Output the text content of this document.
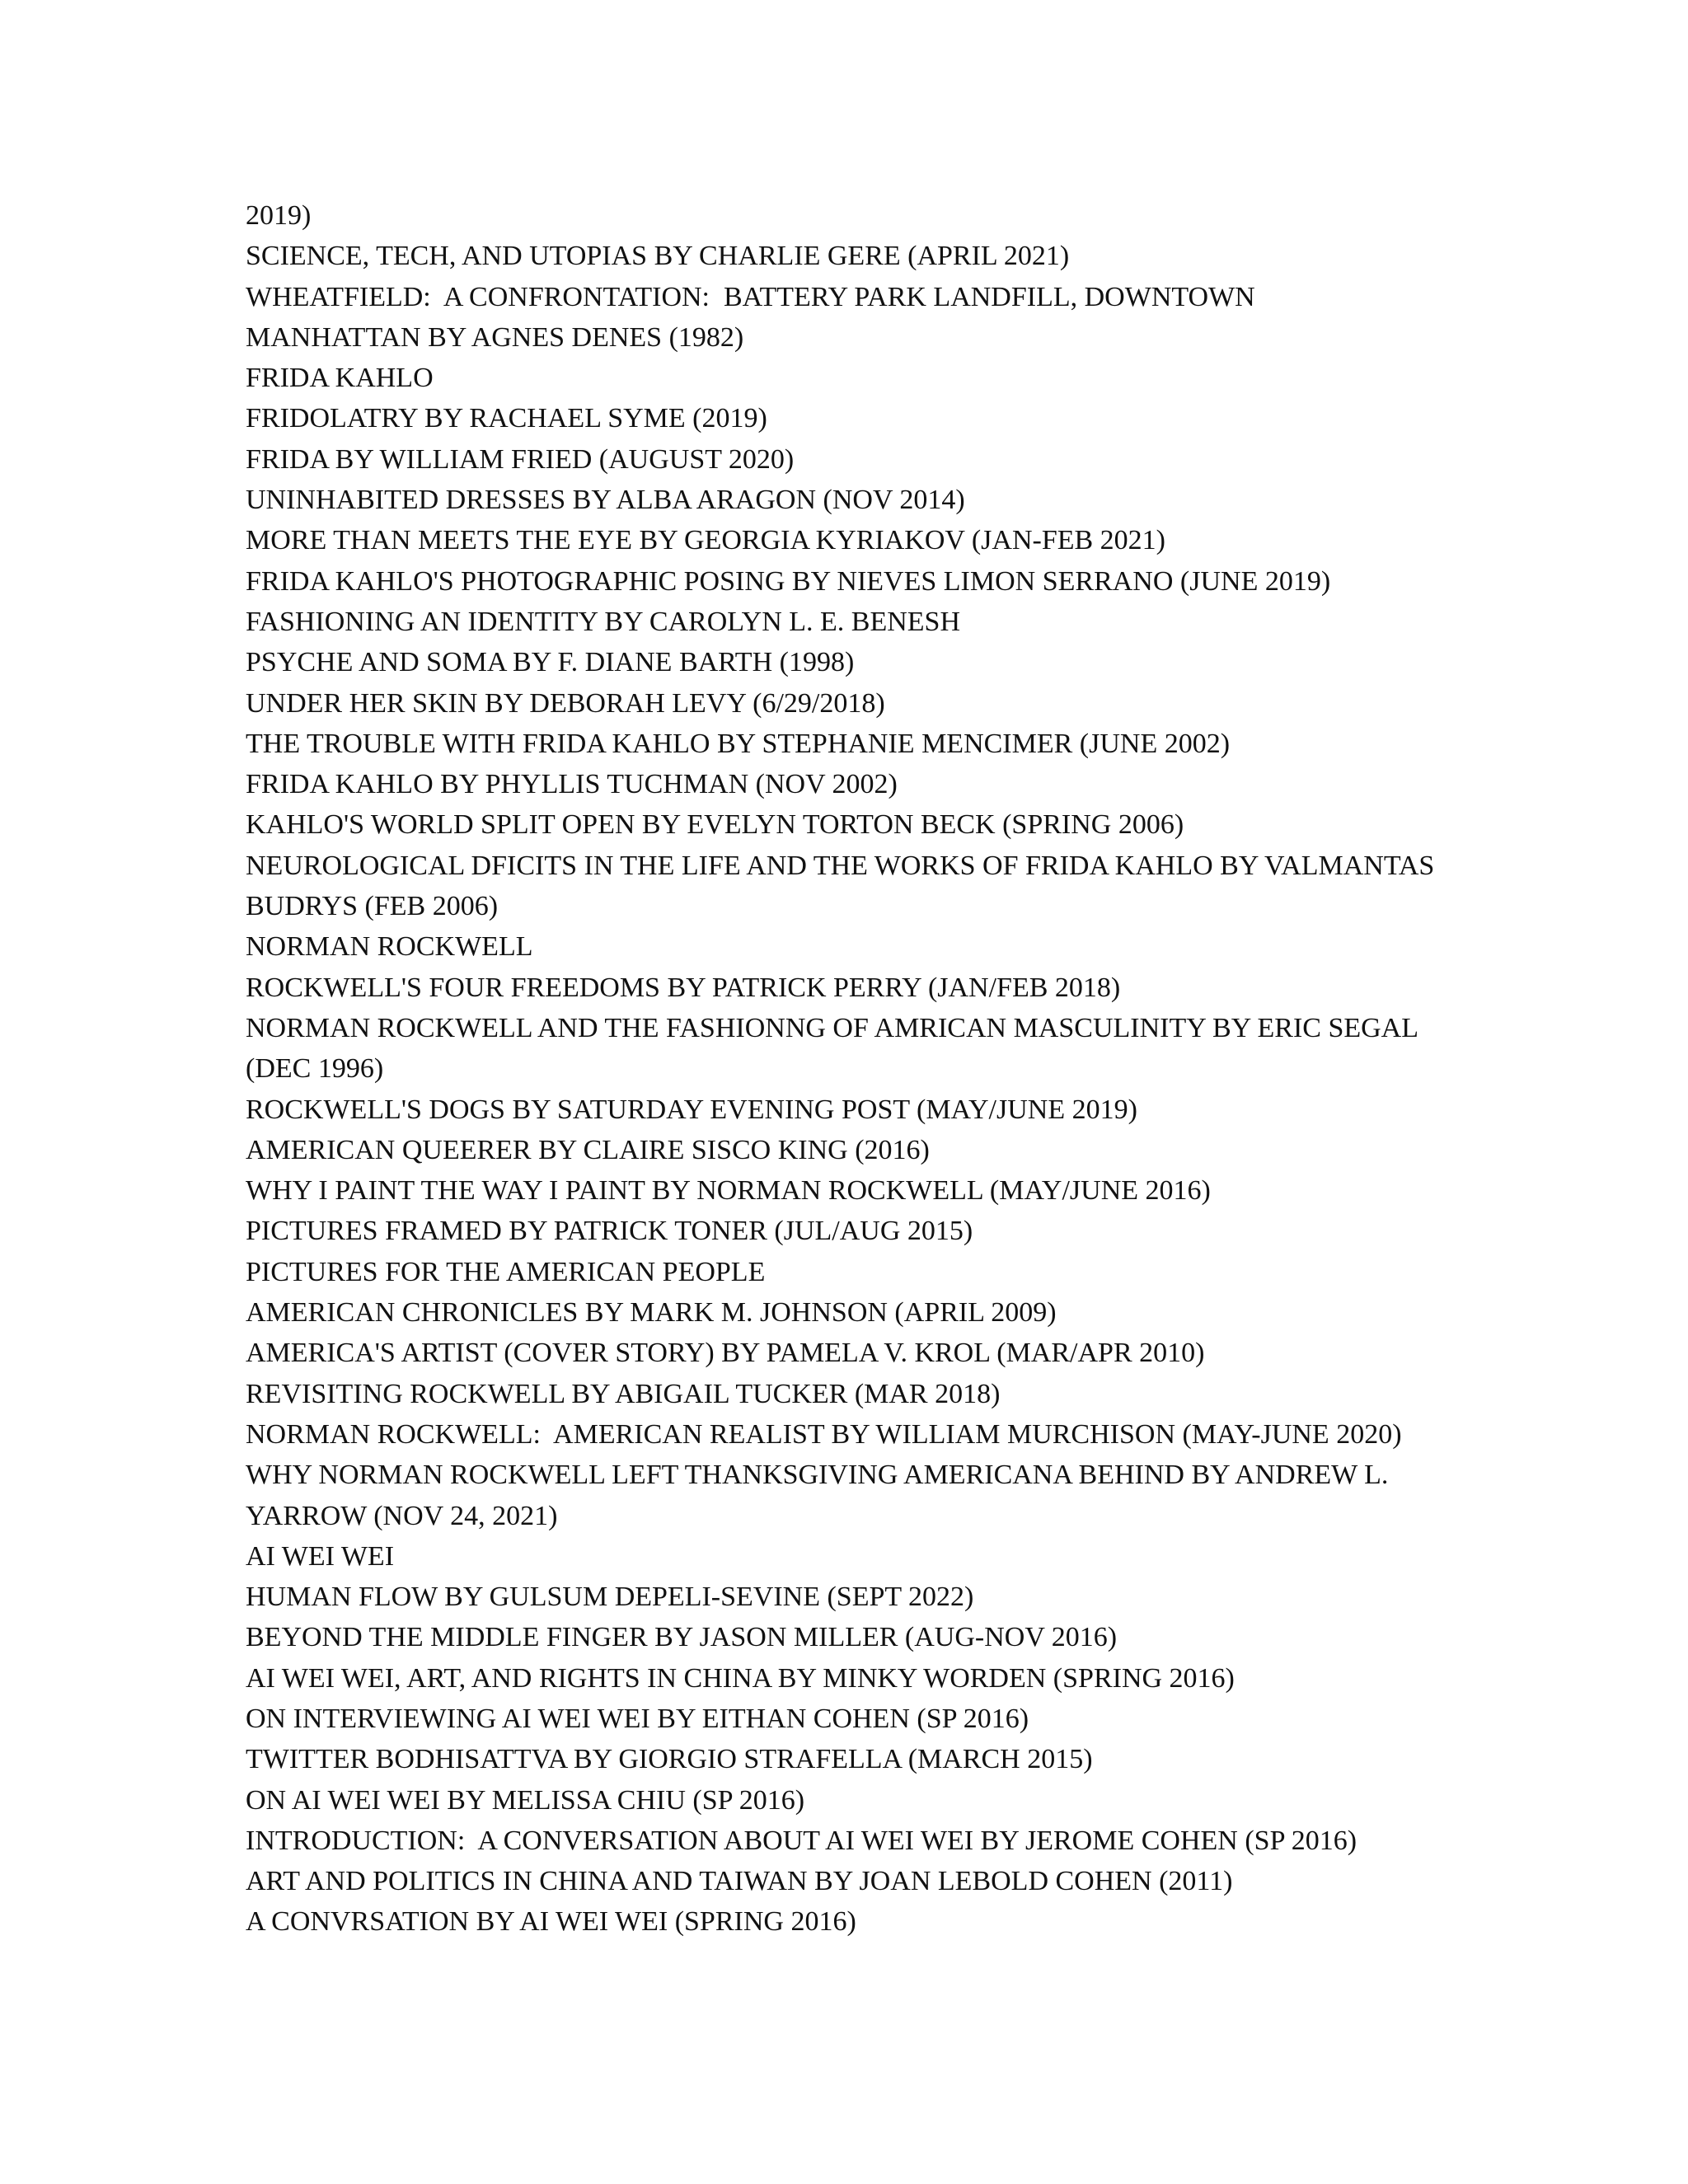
2019)
SCIENCE, TECH, AND UTOPIAS BY CHARLIE GERE (APRIL 2021)
WHEATFIELD:  A CONFRONTATION:  BATTERY PARK LANDFILL, DOWNTOWN
MANHATTAN BY AGNES DENES (1982)
FRIDA KAHLO
FRIDOLATRY BY RACHAEL SYME (2019)
FRIDA BY WILLIAM FRIED (AUGUST 2020)
UNINHABITED DRESSES BY ALBA ARAGON (NOV 2014)
MORE THAN MEETS THE EYE BY GEORGIA KYRIAKOV (JAN-FEB 2021)
FRIDA KAHLO'S PHOTOGRAPHIC POSING BY NIEVES LIMON SERRANO (JUNE 2019)
FASHIONING AN IDENTITY BY CAROLYN L. E. BENESH
PSYCHE AND SOMA BY F. DIANE BARTH (1998)
UNDER HER SKIN BY DEBORAH LEVY (6/29/2018)
THE TROUBLE WITH FRIDA KAHLO BY STEPHANIE MENCIMER (JUNE 2002)
FRIDA KAHLO BY PHYLLIS TUCHMAN (NOV 2002)
KAHLO'S WORLD SPLIT OPEN BY EVELYN TORTON BECK (SPRING 2006)
NEUROLOGICAL DFICITS IN THE LIFE AND THE WORKS OF FRIDA KAHLO BY VALMANTAS
BUDRYS (FEB 2006)
NORMAN ROCKWELL
ROCKWELL'S FOUR FREEDOMS BY PATRICK PERRY (JAN/FEB 2018)
NORMAN ROCKWELL AND THE FASHIONNG OF AMRICAN MASCULINITY BY ERIC SEGAL
(DEC 1996)
ROCKWELL'S DOGS BY SATURDAY EVENING POST (MAY/JUNE 2019)
AMERICAN QUEERER BY CLAIRE SISCO KING (2016)
WHY I PAINT THE WAY I PAINT BY NORMAN ROCKWELL (MAY/JUNE 2016)
PICTURES FRAMED BY PATRICK TONER (JUL/AUG 2015)
PICTURES FOR THE AMERICAN PEOPLE
AMERICAN CHRONICLES BY MARK M. JOHNSON (APRIL 2009)
AMERICA'S ARTIST (COVER STORY) BY PAMELA V. KROL (MAR/APR 2010)
REVISITING ROCKWELL BY ABIGAIL TUCKER (MAR 2018)
NORMAN ROCKWELL:  AMERICAN REALIST BY WILLIAM MURCHISON (MAY-JUNE 2020)
WHY NORMAN ROCKWELL LEFT THANKSGIVING AMERICANA BEHIND BY ANDREW L.
YARROW (NOV 24, 2021)
AI WEI WEI
HUMAN FLOW BY GULSUM DEPELI-SEVINE (SEPT 2022)
BEYOND THE MIDDLE FINGER BY JASON MILLER (AUG-NOV 2016)
AI WEI WEI, ART, AND RIGHTS IN CHINA BY MINKY WORDEN (SPRING 2016)
ON INTERVIEWING AI WEI WEI BY EITHAN COHEN (SP 2016)
TWITTER BODHISATTVA BY GIORGIO STRAFELLA (MARCH 2015)
ON AI WEI WEI BY MELISSA CHIU (SP 2016)
INTRODUCTION:  A CONVERSATION ABOUT AI WEI WEI BY JEROME COHEN (SP 2016)
ART AND POLITICS IN CHINA AND TAIWAN BY JOAN LEBOLD COHEN (2011)
A CONVRSATION BY AI WEI WEI (SPRING 2016)
